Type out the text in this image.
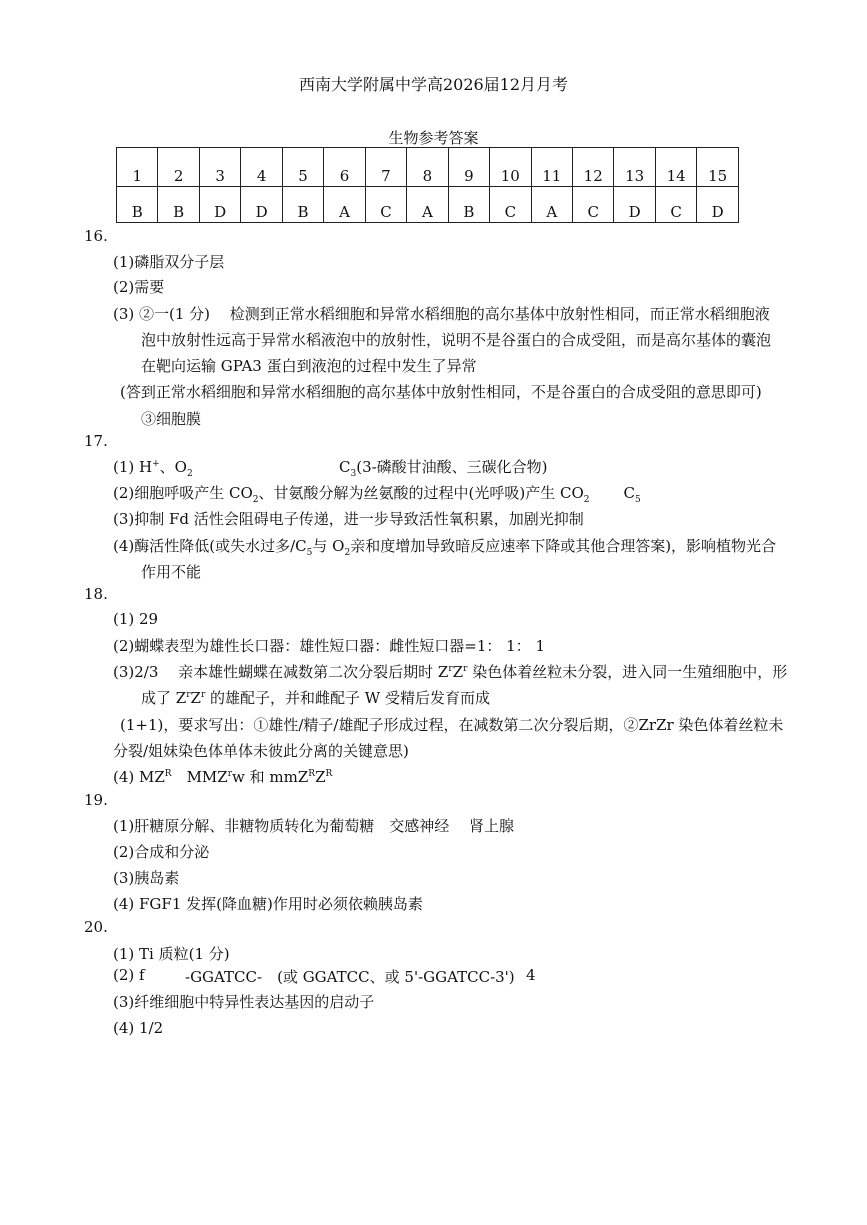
西南大学附属中学高2026届12月月考
生物参考答案
1	2	3	4	5	6	7	8	9	10	11	12	13	14	15
B	B	D	D	B	A	C	A	B	C	A	C	D	C	D
16.
(1)磷脂双分子层
(2)需要
(3) ②一(1 分)　 检测到正常水稻细胞和异常水稻细胞的高尔基体中放射性相同，而正常水稻细胞液
泡中放射性远高于异常水稻液泡中的放射性，说明不是谷蛋白的合成受阻，而是高尔基体的囊泡
在靶向运输 GPA3 蛋白到液泡的过程中发生了异常
(答到正常水稻细胞和异常水稻细胞的高尔基体中放射性相同，不是谷蛋白的合成受阻的意思即可)
③细胞膜
17.
(1) H+、$O_2$	$C_3(3-$磷酸甘油酸、三碳化合物)
(2)细胞呼吸产生 $CO_2$、甘氨酸分解为丝氨酸的过程中(光呼吸)产生 $CO_2$ $C_5$
(3)抑制 Fd 活性会阻碍电子传递，进一步导致活性氧积累，加剧光抑制
(4)酶活性降低(或失水过多$/C_5$与 $O_2$亲和度增加导致暗反应速率下降或其他合理答案)，影响植物光合
作用不能
18.
(1) 29
(2)蝴蝶表型为雄性长口器：雄性短口器：雌性短口器=1： 1： 1
(3)2/3　 亲本雄性蝴蝶在减数第二次分裂后期时 $Z^rZ^r$ 染色体着丝粒未分裂，进入同一生殖细胞中，形
成了 $Z^rZ^r$ 的雄配子，并和雌配子 W 受精后发育而成
(1+1)，要求写出：①雄性/精子/雄配子形成过程，在减数第二次分裂后期，②ZrZr 染色体着丝粒未
分裂/姐妹染色体单体未彼此分离的关键意思)
(4) $MZ^R$　MMZ$^r$w 和 $mmZ^RZ^R$
19.
(1)肝糖原分解、非糖物质转化为葡萄糖　交感神经　 肾上腺
(2)合成和分泌
(3)胰岛素
(4) FGF1 发挥(降血糖)作用时必须依赖胰岛素
20.
(1) Ti 质粒(1 分)
(2) f	-GGATCC-　(或 GGATCC、或 5'-GGATCC-3') 4
(3)纤维细胞中特异性表达基因的启动子
(4) 1/2
